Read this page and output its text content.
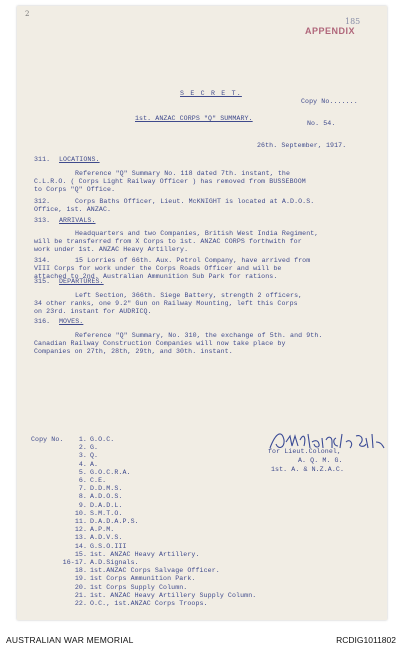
2
185
APPENDIX
S E C R E T.
Copy No.......
1st. ANZAC CORPS "Q" SUMMARY.
No. 54.
26th. September, 1917.
311. LOCATIONS.
Reference "Q" Summary No. 118 dated 7th. instant, the
C.L.R.O. ( Corps Light Railway Officer ) has removed from BUSSEBOOM
to Corps "Q" Office.
312.	Corps Baths Officer, Lieut. McKNIGHT is located at A.D.O.S.
Office, 1st. ANZAC.
313. ARRIVALS.
Headquarters and two Companies, British West India Regiment,
will be transferred from X Corps to 1st. ANZAC CORPS forthwith for
work under 1st. ANZAC Heavy Artillery.
314.	15 Lorries of 66th. Aux. Petrol Company, have arrived from
VIII Corps for work under the Corps Roads Officer and will be
attached to 2nd. Australian Ammunition Sub Park for rations.
315. DEPARTURES.
Left Section, 366th. Siege Battery, strength 2 officers,
34 other ranks, one 9.2" Gun on Railway Mounting, left this Corps
on 23rd. instant for AUDRICQ.
316. MOVES.
Reference "Q" Summary, No. 310, the exchange of 5th. and 9th.
Canadian Railway Construction Companies will now take place by
Companies on 27th, 28th, 29th, and 30th. instant.
for Lieut.Colonel,
A. Q. M. G.
1st. A. & N.Z.A.C.
Copy No. 1. G.O.C.
2. G.
3. Q.
4. A.
5. G.O.C.R.A.
6. C.E.
7. D.D.M.S.
8. A.D.O.S.
9. D.A.D.L.
10. S.M.T.O.
11. D.A.D.A.P.S.
12. A.P.M.
13. A.D.V.S.
14. G.S.O.III
15. 1st. ANZAC Heavy Artillery.
16-17. A.D.Signals.
18. 1st.ANZAC Corps Salvage Officer.
19. 1st Corps Ammunition Park.
20. 1st Corps Supply Column.
21. 1st. ANZAC Heavy Artillery Supply Column.
22. O.C., 1st.ANZAC Corps Troops.
AUSTRALIAN WAR MEMORIAL	RCDIG1011802
